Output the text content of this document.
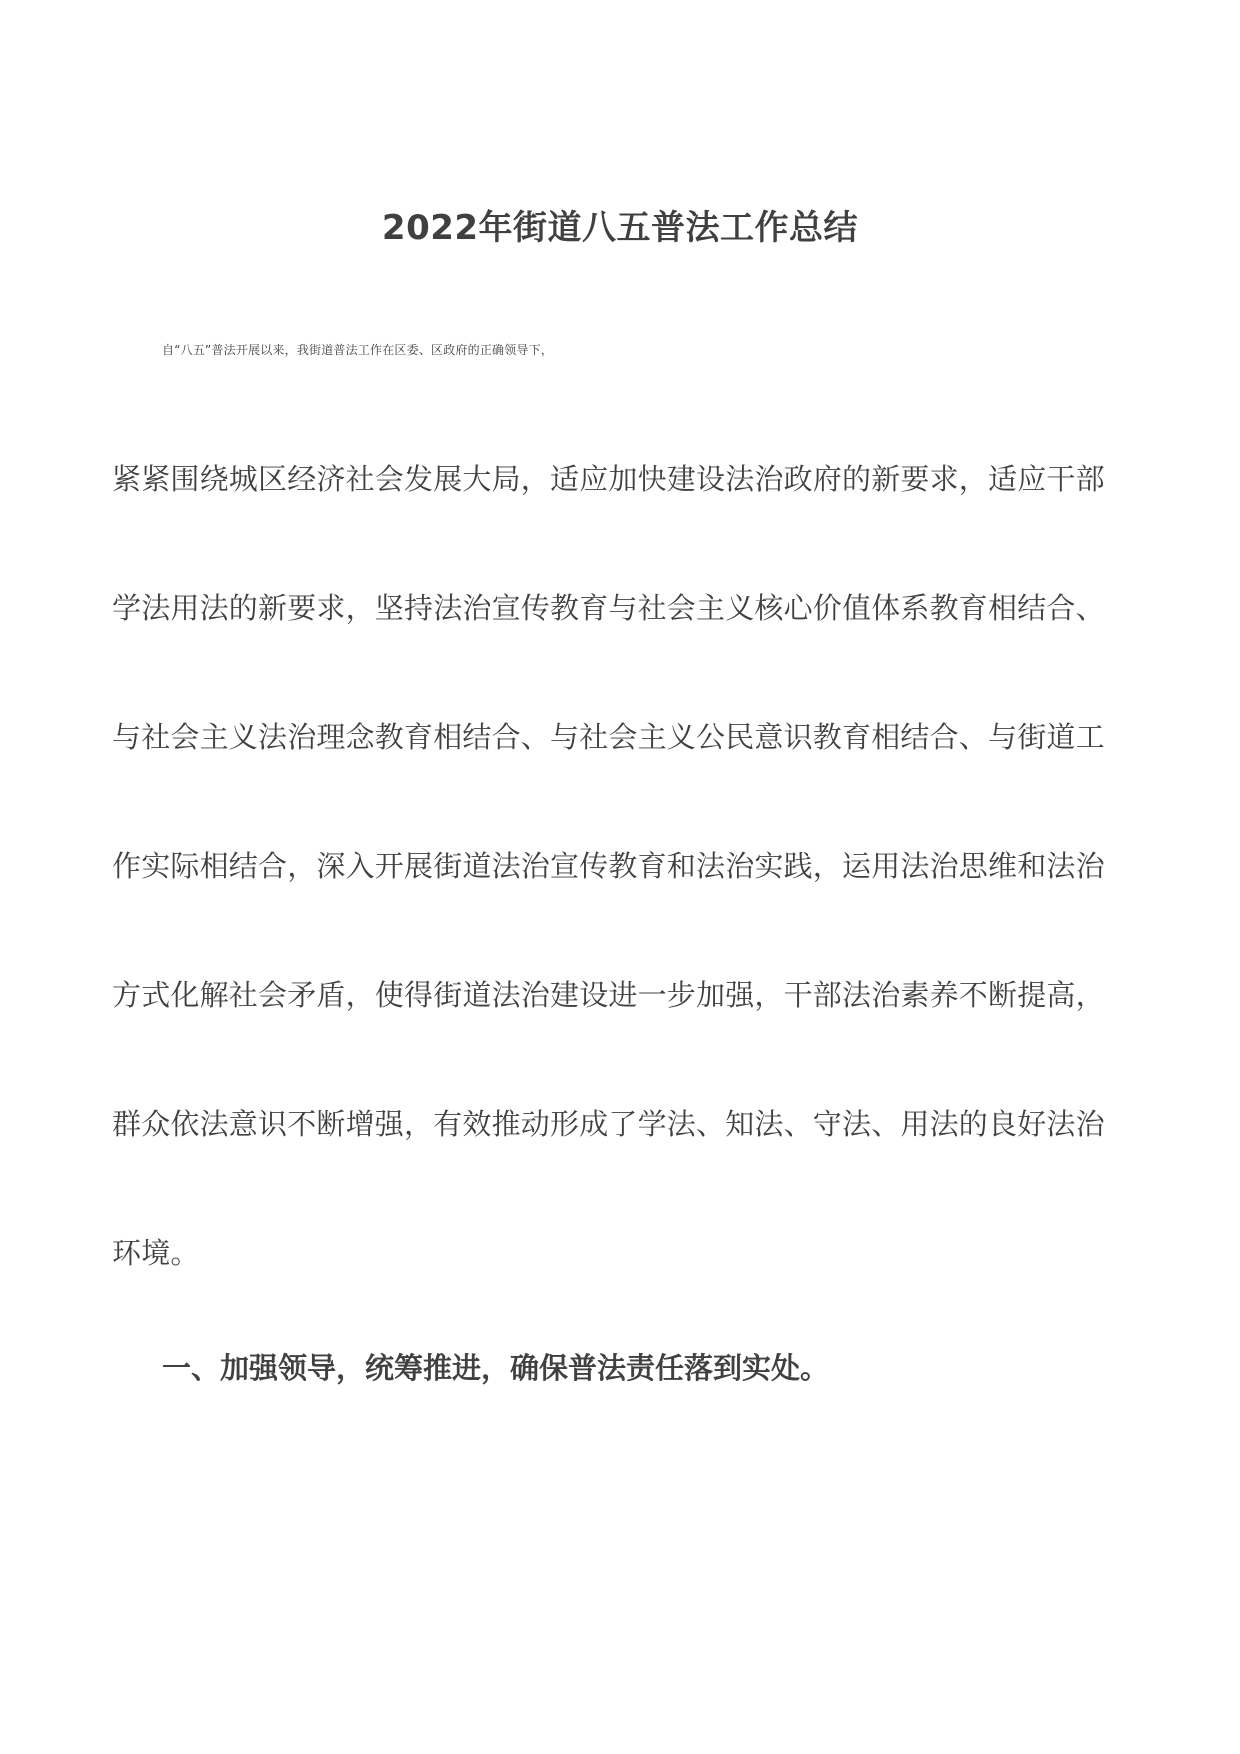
2022年街道八五普法工作总结
自“八五”普法开展以来，我街道普法工作在区委、区政府的正确领导下，
紧紧围绕城区经济社会发展大局，适应加快建设法治政府的新要求，适应干部
学法用法的新要求，坚持法治宣传教育与社会主义核心价值体系教育相结合、
与社会主义法治理念教育相结合、与社会主义公民意识教育相结合、与街道工
作实际相结合，深入开展街道法治宣传教育和法治实践，运用法治思维和法治
方式化解社会矛盾，使得街道法治建设进一步加强，干部法治素养不断提高，
群众依法意识不断增强，有效推动形成了学法、知法、守法、用法的良好法治
环境。
一、加强领导，统筹推进，确保普法责任落到实处。
